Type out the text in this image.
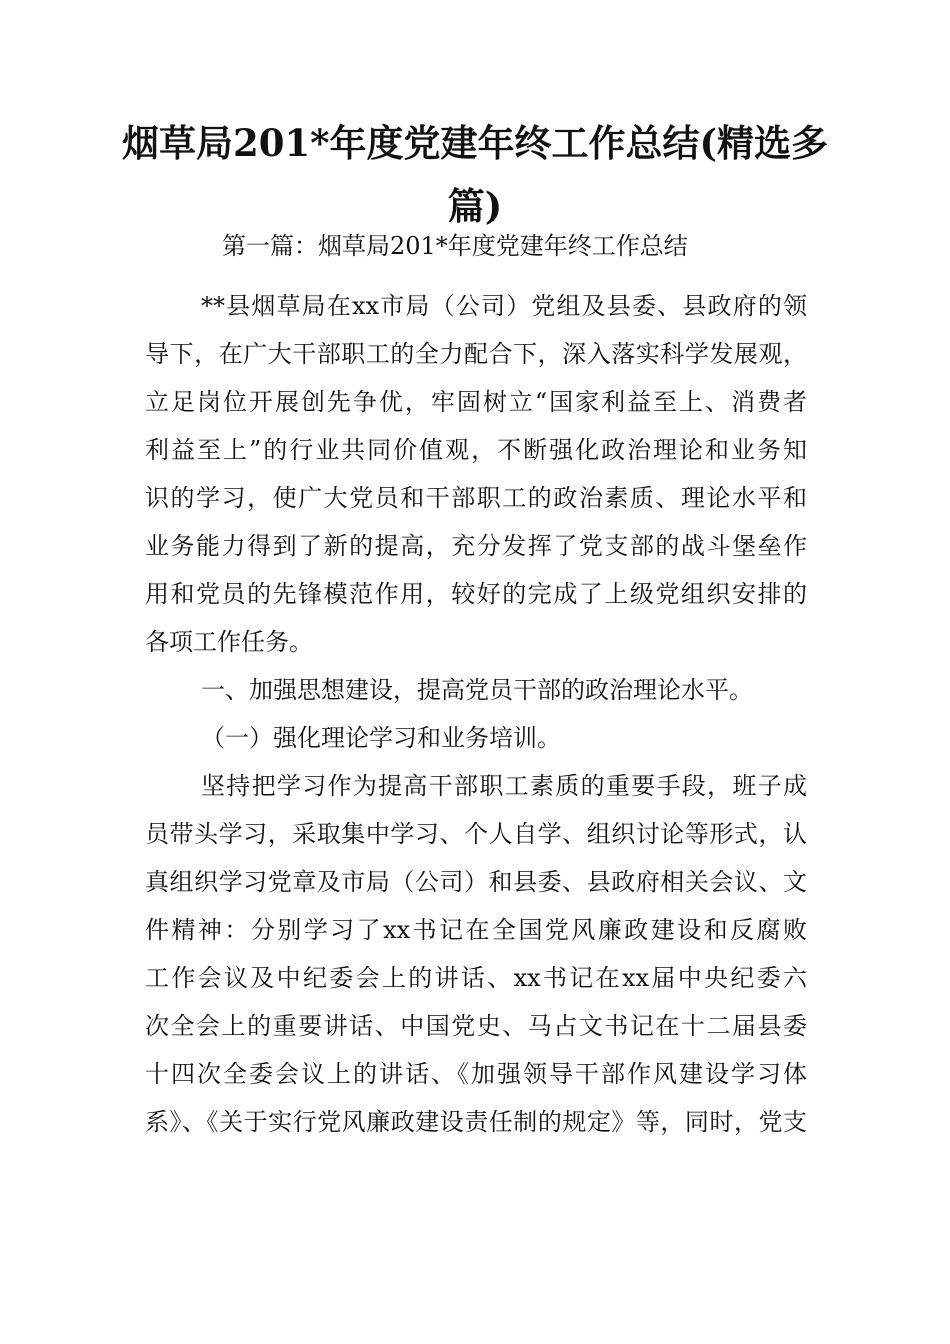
烟草局201*年度党建年终工作总结(精选多
篇)

第一篇：烟草局201*年度党建年终工作总结

**县烟草局在xx市局（公司）党组及县委、县政府的领

导下，在广大干部职工的全力配合下，深入落实科学发展观，

立足岗位开展创先争优，牢固树立“国家利益至上、消费者

利益至上”的行业共同价值观，不断强化政治理论和业务知

识的学习，使广大党员和干部职工的政治素质、理论水平和

业务能力得到了新的提高，充分发挥了党支部的战斗堡垒作

用和党员的先锋模范作用，较好的完成了上级党组织安排的

各项工作任务。

一、加强思想建设，提高党员干部的政治理论水平。

（一）强化理论学习和业务培训。

坚持把学习作为提高干部职工素质的重要手段，班子成

员带头学习，采取集中学习、个人自学、组织讨论等形式，认

真组织学习党章及市局（公司）和县委、县政府相关会议、文

件精神：分别学习了xx书记在全国党风廉政建设和反腐败

工作会议及中纪委会上的讲话、xx书记在xx届中央纪委六

次全会上的重要讲话、中国党史、马占文书记在十二届县委

十四次全委会议上的讲话、《加强领导干部作风建设学习体

系》、《关于实行党风廉政建设责任制的规定》等，同时，党支
